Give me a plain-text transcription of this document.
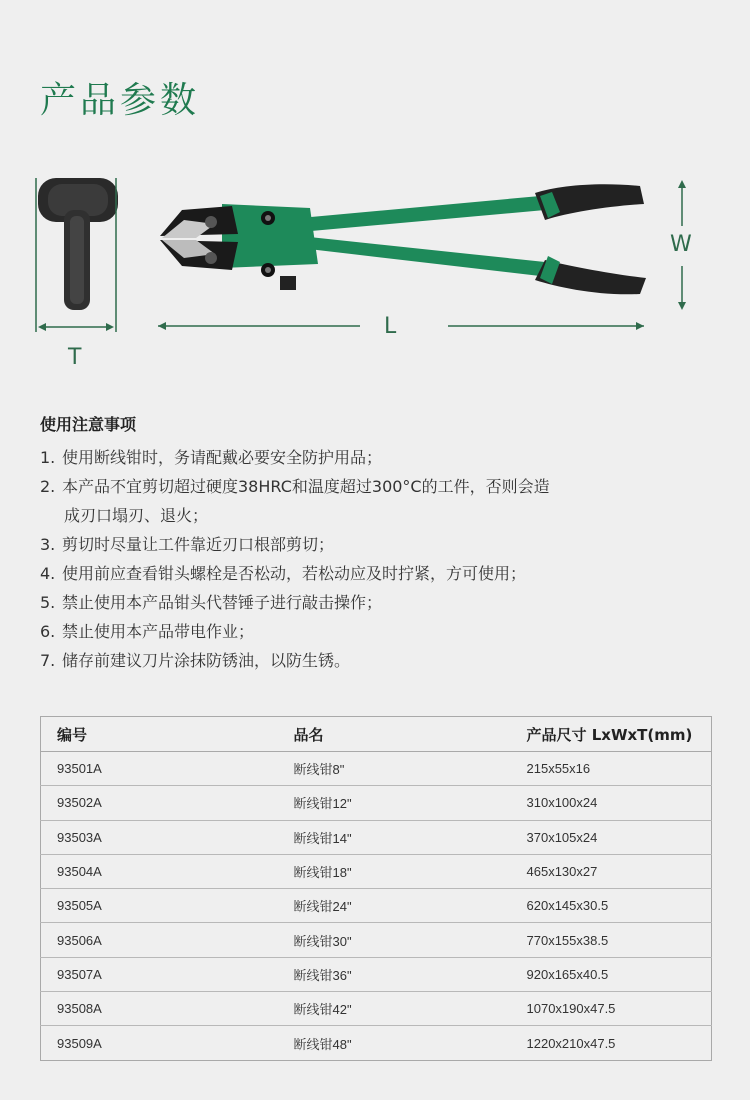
产品参数
T
L
W
使用注意事项
1. 使用断线钳时，务请配戴必要安全防护用品；
2. 本产品不宜剪切超过硬度38HRC和温度超过300°C的工件，否则会造
成刃口塌刃、退火；
3. 剪切时尽量让工件靠近刃口根部剪切；
4. 使用前应查看钳头螺栓是否松动，若松动应及时拧紧，方可使用；
5. 禁止使用本产品钳头代替锤子进行敲击操作；
6. 禁止使用本产品带电作业；
7. 储存前建议刀片涂抹防锈油，以防生锈。
编号	品名	产品尺寸 LxWxT(mm)
93501A	断线钳8"	215x55x16
93502A	断线钳12"	310x100x24
93503A	断线钳14"	370x105x24
93504A	断线钳18"	465x130x27
93505A	断线钳24"	620x145x30.5
93506A	断线钳30"	770x155x38.5
93507A	断线钳36"	920x165x40.5
93508A	断线钳42"	1070x190x47.5
93509A	断线钳48"	1220x210x47.5
